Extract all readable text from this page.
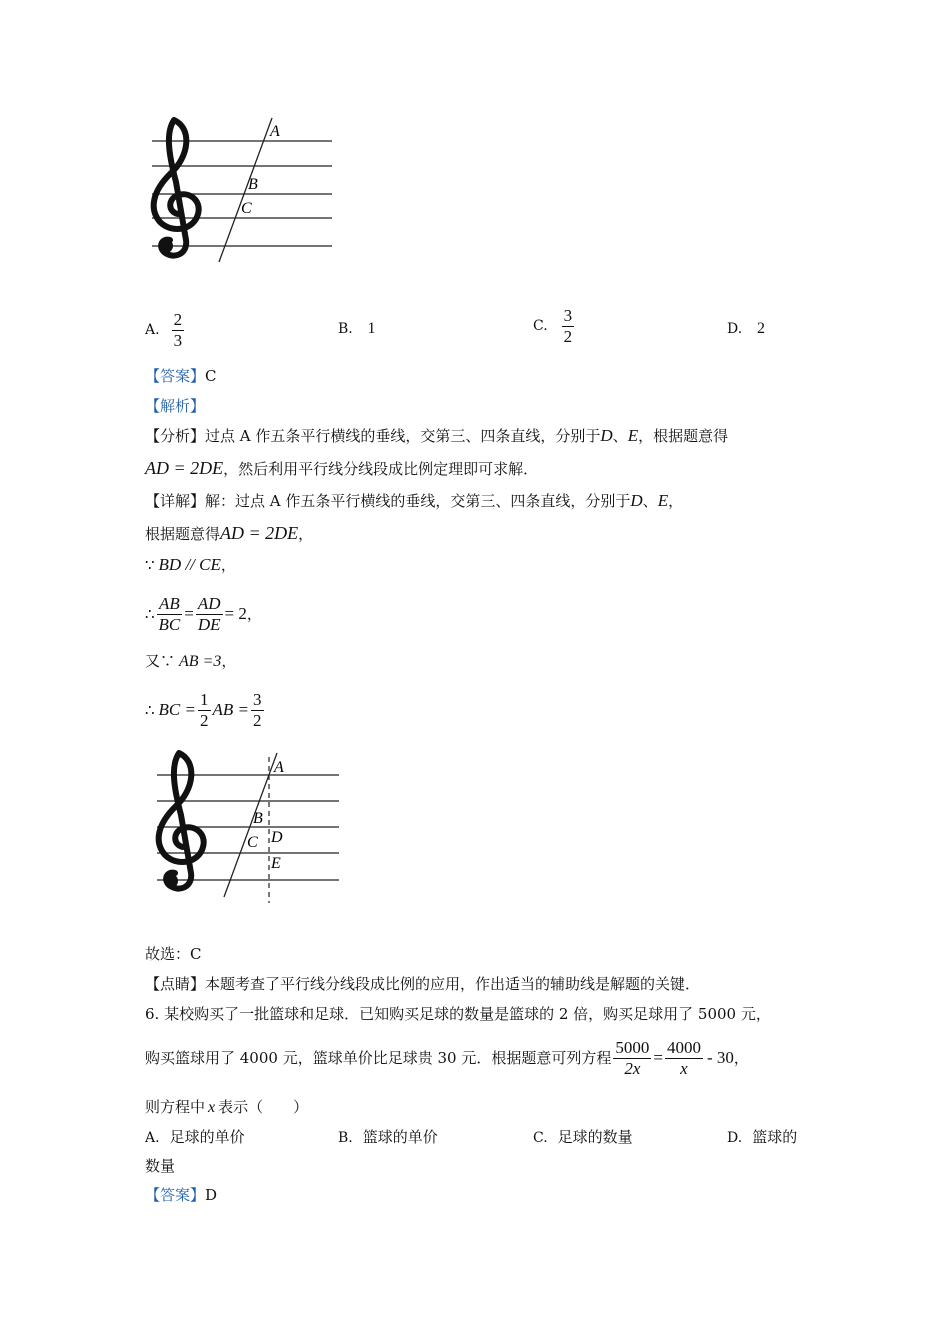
A
B
C
A. $\frac{2}{3}$	B. 1	C. $\frac{3}{2}$	D. 2
【答案】C
【解析】
【分析】过点 A 作五条平行横线的垂线，交第三、四条直线，分别于D、E，根据题意得
AD = 2DE，然后利用平行线分线段成比例定理即可求解．
【详解】解：过点 A 作五条平行横线的垂线，交第三、四条直线，分别于D、E，
根据题意得AD = 2DE，
∵ BD // CE，
∴ $\frac{AB}{BC} = \frac{AD}{DE} = 2$ ，
又∵ AB =3，
∴ BC = $\frac{1}{2}$ AB = $\frac{3}{2}$
A
B
C D
E
故选：C
【点睛】本题考查了平行线分线段成比例的应用，作出适当的辅助线是解题的关键．
6. 某校购买了一批篮球和足球．已知购买足球的数量是篮球的 2 倍，购买足球用了 5000 元，
购买篮球用了 4000 元，篮球单价比足球贵 30 元．根据题意可列方程 $\frac{5000}{2x} = \frac{4000}{x} - 30$ ，
则方程中 x 表示（　　）
A. 足球的单价	B. 篮球的单价	C. 足球的数量	D. 篮球的
数量
【答案】D
